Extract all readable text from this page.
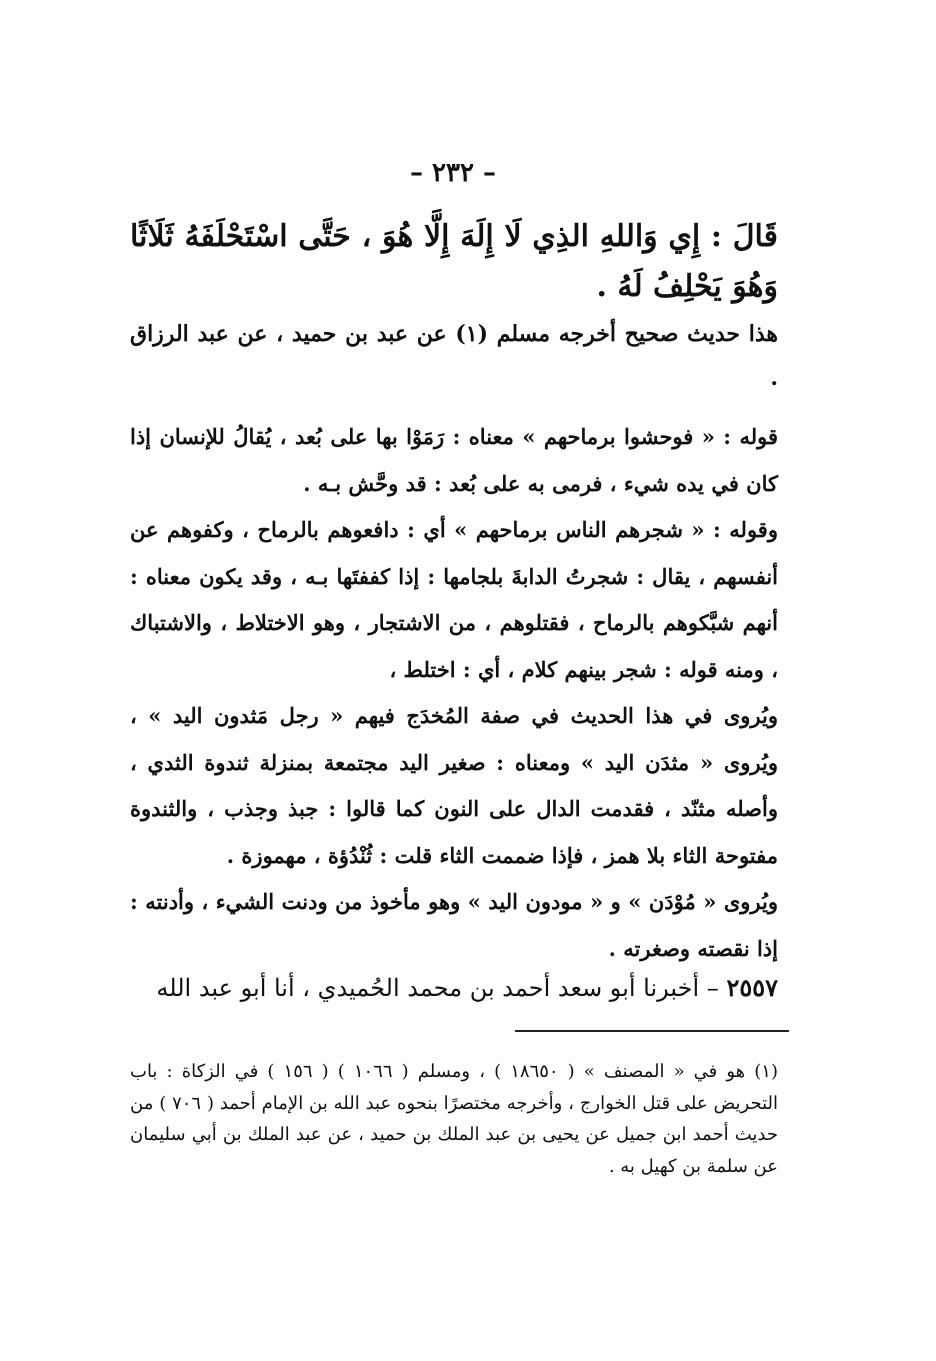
– ٢٣٢ –
قَالَ : إِي وَاللهِ الذِي لَا إِلَهَ إِلَّا هُوَ ، حَتَّى اسْتَحْلَفَهُ ثَلَاثًا وَهُوَ يَحْلِفُ لَهُ .
هذا حديث صحيح أخرجه مسلم (١) عن عبد بن حميد ، عن عبد الرزاق .

قوله : « فوحشوا برماحهم » معناه : رَمَوْا بها على بُعد ، يُقالُ للإنسان إذا كان في يده شيء ، فرمى به على بُعد : قد وحَّش بـه .

وقوله : « شجرهم الناس برماحهم » أي : دافعوهم بالرماح ، وكفوهم عن أنفسهم ، يقال : شجرتُ الدابةَ بلجامها : إذا كففتَها بـه ، وقد يكون معناه : أنهم شبَّكوهم بالرماح ، فقتلوهم ، من الاشتجار ، وهو الاختلاط ، والاشتباك ، ومنه قوله : شجر بينهم كلام ، أي : اختلط ،

ويُروى في هذا الحديث في صفة المُخدَج فيهم « رجل مَثدون اليد » ، ويُروى « مثدَن اليد » ومعناه : صغير اليد مجتمعة بمنزلة ثندوة الثدي ، وأصله مثنّد ، فقدمت الدال على النون كما قالوا : جبذ وجذب ، والثندوة مفتوحة الثاء بلا همز ، فإذا ضممت الثاء قلت : ثُنْدُؤة ، مهموزة .

ويُروى « مُوْدَن » و « مودون اليد » وهو مأخوذ من ودنت الشيء ، وأدنته : إذا نقصته وصغرته .

٢٥٥٧ – أخبرنا أبو سعد أحمد بن محمد الحُميدي ، أنا أبو عبد الله

(١) هو في « المصنف » ( ١٨٦٥٠ ) ، ومسلم ( ١٠٦٦ ) ( ١٥٦ ) في الزكاة : باب التحريض على قتل الخوارج ، وأخرجه مختصرًا بنحوه عبد الله بن الإمام أحمد ( ٧٠٦ ) من حديث أحمد ابن جميل عن يحيى بن عبد الملك بن حميد ، عن عبد الملك بن أبي سليمان عن سلمة بن كهيل به .
